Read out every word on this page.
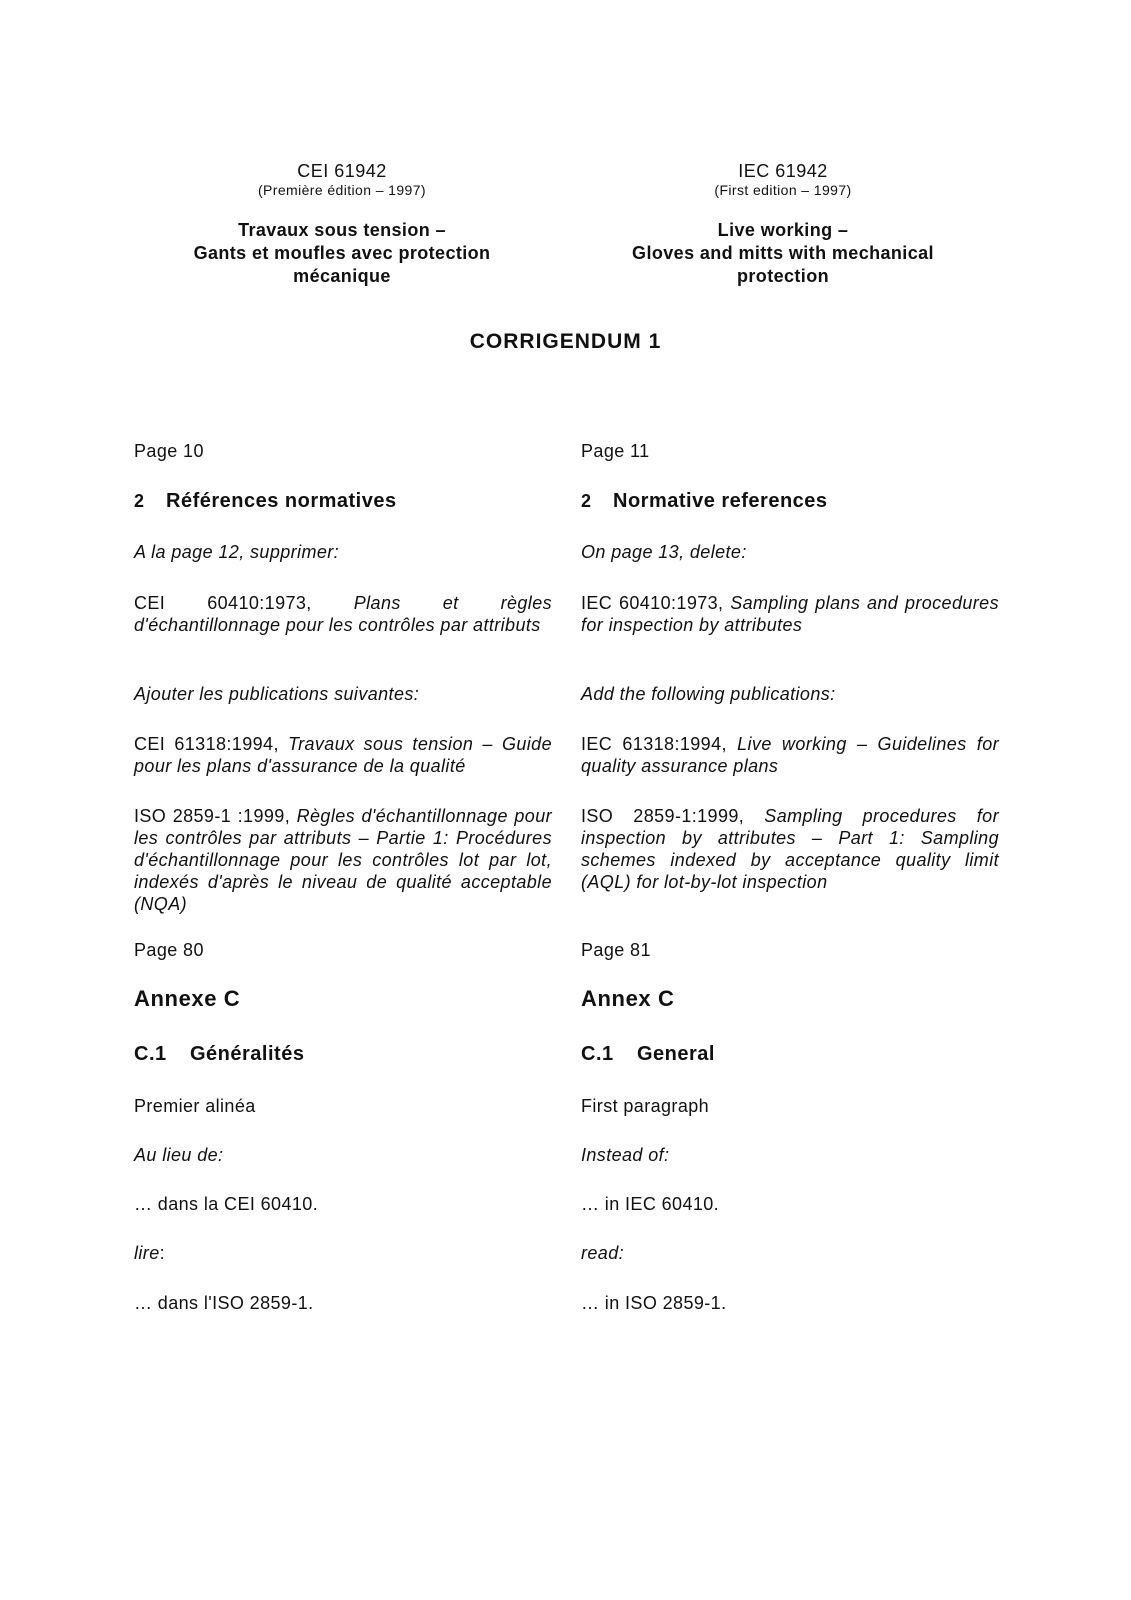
CEI 61942
(Première édition – 1997)
Travaux sous tension –
Gants et moufles avec protection
mécanique
IEC 61942
(First edition – 1997)
Live working –
Gloves and mitts with mechanical
protection
CORRIGENDUM 1
Page 10
2 Références normatives
A la page 12, supprimer:
CEI 60410:1973, Plans et règles d'échantillonnage pour les contrôles par attributs
Ajouter les publications suivantes:
CEI 61318:1994, Travaux sous tension – Guide pour les plans d'assurance de la qualité
ISO 2859-1 :1999, Règles d'échantillonnage pour les contrôles par attributs – Partie 1: Procédures d'échantillonnage pour les contrôles lot par lot, indexés d'après le niveau de qualité acceptable (NQA)
Page 80
Annexe C
C.1 Généralités
Premier alinéa
Au lieu de:
… dans la CEI 60410.
lire:
… dans l'ISO 2859-1.
Page 11
2 Normative references
On page 13, delete:
IEC 60410:1973, Sampling plans and procedures for inspection by attributes
Add the following publications:
IEC 61318:1994, Live working – Guidelines for quality assurance plans
ISO 2859-1:1999, Sampling procedures for inspection by attributes – Part 1: Sampling schemes indexed by acceptance quality limit (AQL) for lot-by-lot inspection
Page 81
Annex C
C.1 General
First paragraph
Instead of:
… in IEC 60410.
read:
… in ISO 2859-1.
